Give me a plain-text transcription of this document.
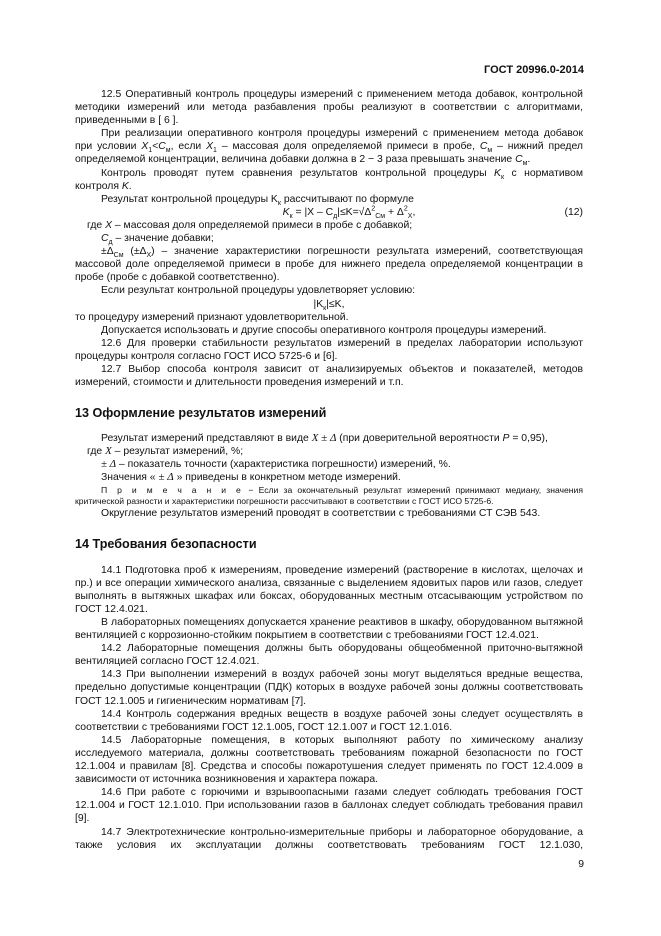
ГОСТ 20996.0-2014

12.5 Оперативный контроль процедуры измерений с применением метода добавок, контрольной методики измерений или метода разбавления пробы реализуют в соответствии с алгоритмами, приведенными в [ 6 ].

При реализации оперативного контроля процедуры измерений с применением метода добавок при условии $X_1<C_м$, если $X_1$ – массовая доля определяемой примеси в пробе, $C_м$ – нижний предел определяемой концентрации, величина добавки должна в 2 − 3 раза превышать значение $C_м$.

Контроль проводят путем сравнения результатов контрольной процедуры $K_к$ с нормативом контроля K.

Результат контрольной процедуры $K_к$ рассчитывают по формуле

$K_к = |X - C_д|\le K=√\Delta^2_{См} + \Delta^2_Х$,	(12)

где X – массовая доля определяемой примеси в пробе с добавкой;

$C_д$ – значение добавки;

$\pm\Delta_{См}$ $(\pm\Delta_Х)$ – значение характеристики погрешности результата измерений, соответствующая массовой доле определяемой примеси в пробе для нижнего предела определяемой концентрации в пробе (пробе с добавкой соответственно).

Если результат контрольной процедуры удовлетворяет условию:

$|K_к|\le K$,

то процедуру измерений признают удовлетворительной.

Допускается использовать и другие способы оперативного контроля процедуры измерений.

12.6 Для проверки стабильности результатов измерений в пределах лаборатории используют процедуры контроля согласно ГОСТ ИСО 5725-6 и [6].

12.7 Выбор способа контроля зависит от анализируемых объектов и показателей, методов измерений, стоимости и длительности проведения измерений и т.п.

13 Оформление результатов измерений

Результат измерений представляют в виде X ± Δ (при доверительной вероятности P = 0,95),

где X – результат измерений, %;

± Δ – показатель точности (характеристика погрешности) измерений, %.

Значения « ± Δ » приведены в конкретном методе измерений.

П р и м е ч а н и е − Если за окончательный результат измерений принимают медиану, значения критической разности и характеристики погрешности рассчитывают в соответствии с ГОСТ ИСО 5725-6.

Округление результатов измерений проводят в соответствии с требованиями СТ СЭВ 543.

14 Требования безопасности

14.1 Подготовка проб к измерениям, проведение измерений (растворение в кислотах, щелочах и пр.) и все операции химического анализа, связанные с выделением ядовитых паров или газов, следует выполнять в вытяжных шкафах или боксах, оборудованных местным отсасывающим устройством по ГОСТ 12.4.021.

В лабораторных помещениях допускается хранение реактивов в шкафу, оборудованном вытяжной вентиляцией с коррозионно-стойким покрытием в соответствии с требованиями ГОСТ 12.4.021.

14.2 Лабораторные помещения должны быть оборудованы общеобменной приточно-вытяжной вентиляцией согласно ГОСТ 12.4.021.

14.3 При выполнении измерений в воздух рабочей зоны могут выделяться вредные вещества, предельно допустимые концентрации (ПДК) которых в воздухе рабочей зоны должны соответствовать ГОСТ 12.1.005 и гигиеническим нормативам [7].

14.4 Контроль содержания вредных веществ в воздухе рабочей зоны следует осуществлять в соответствии с требованиями ГОСТ 12.1.005, ГОСТ 12.1.007 и ГОСТ 12.1.016.

14.5 Лабораторные помещения, в которых выполняют работу по химическому анализу исследуемого материала, должны соответствовать требованиям пожарной безопасности по ГОСТ 12.1.004 и правилам [8]. Средства и способы пожаротушения следует применять по ГОСТ 12.4.009 в зависимости от источника возникновения и характера пожара.

14.6 При работе с горючими и взрывоопасными газами следует соблюдать требования ГОСТ 12.1.004 и ГОСТ 12.1.010. При использовании газов в баллонах следует соблюдать требования правил [9].

14.7 Электротехнические контрольно-измерительные приборы и лабораторное оборудование, а также условия их эксплуатации должны соответствовать требованиям ГОСТ 12.1.030,

9
